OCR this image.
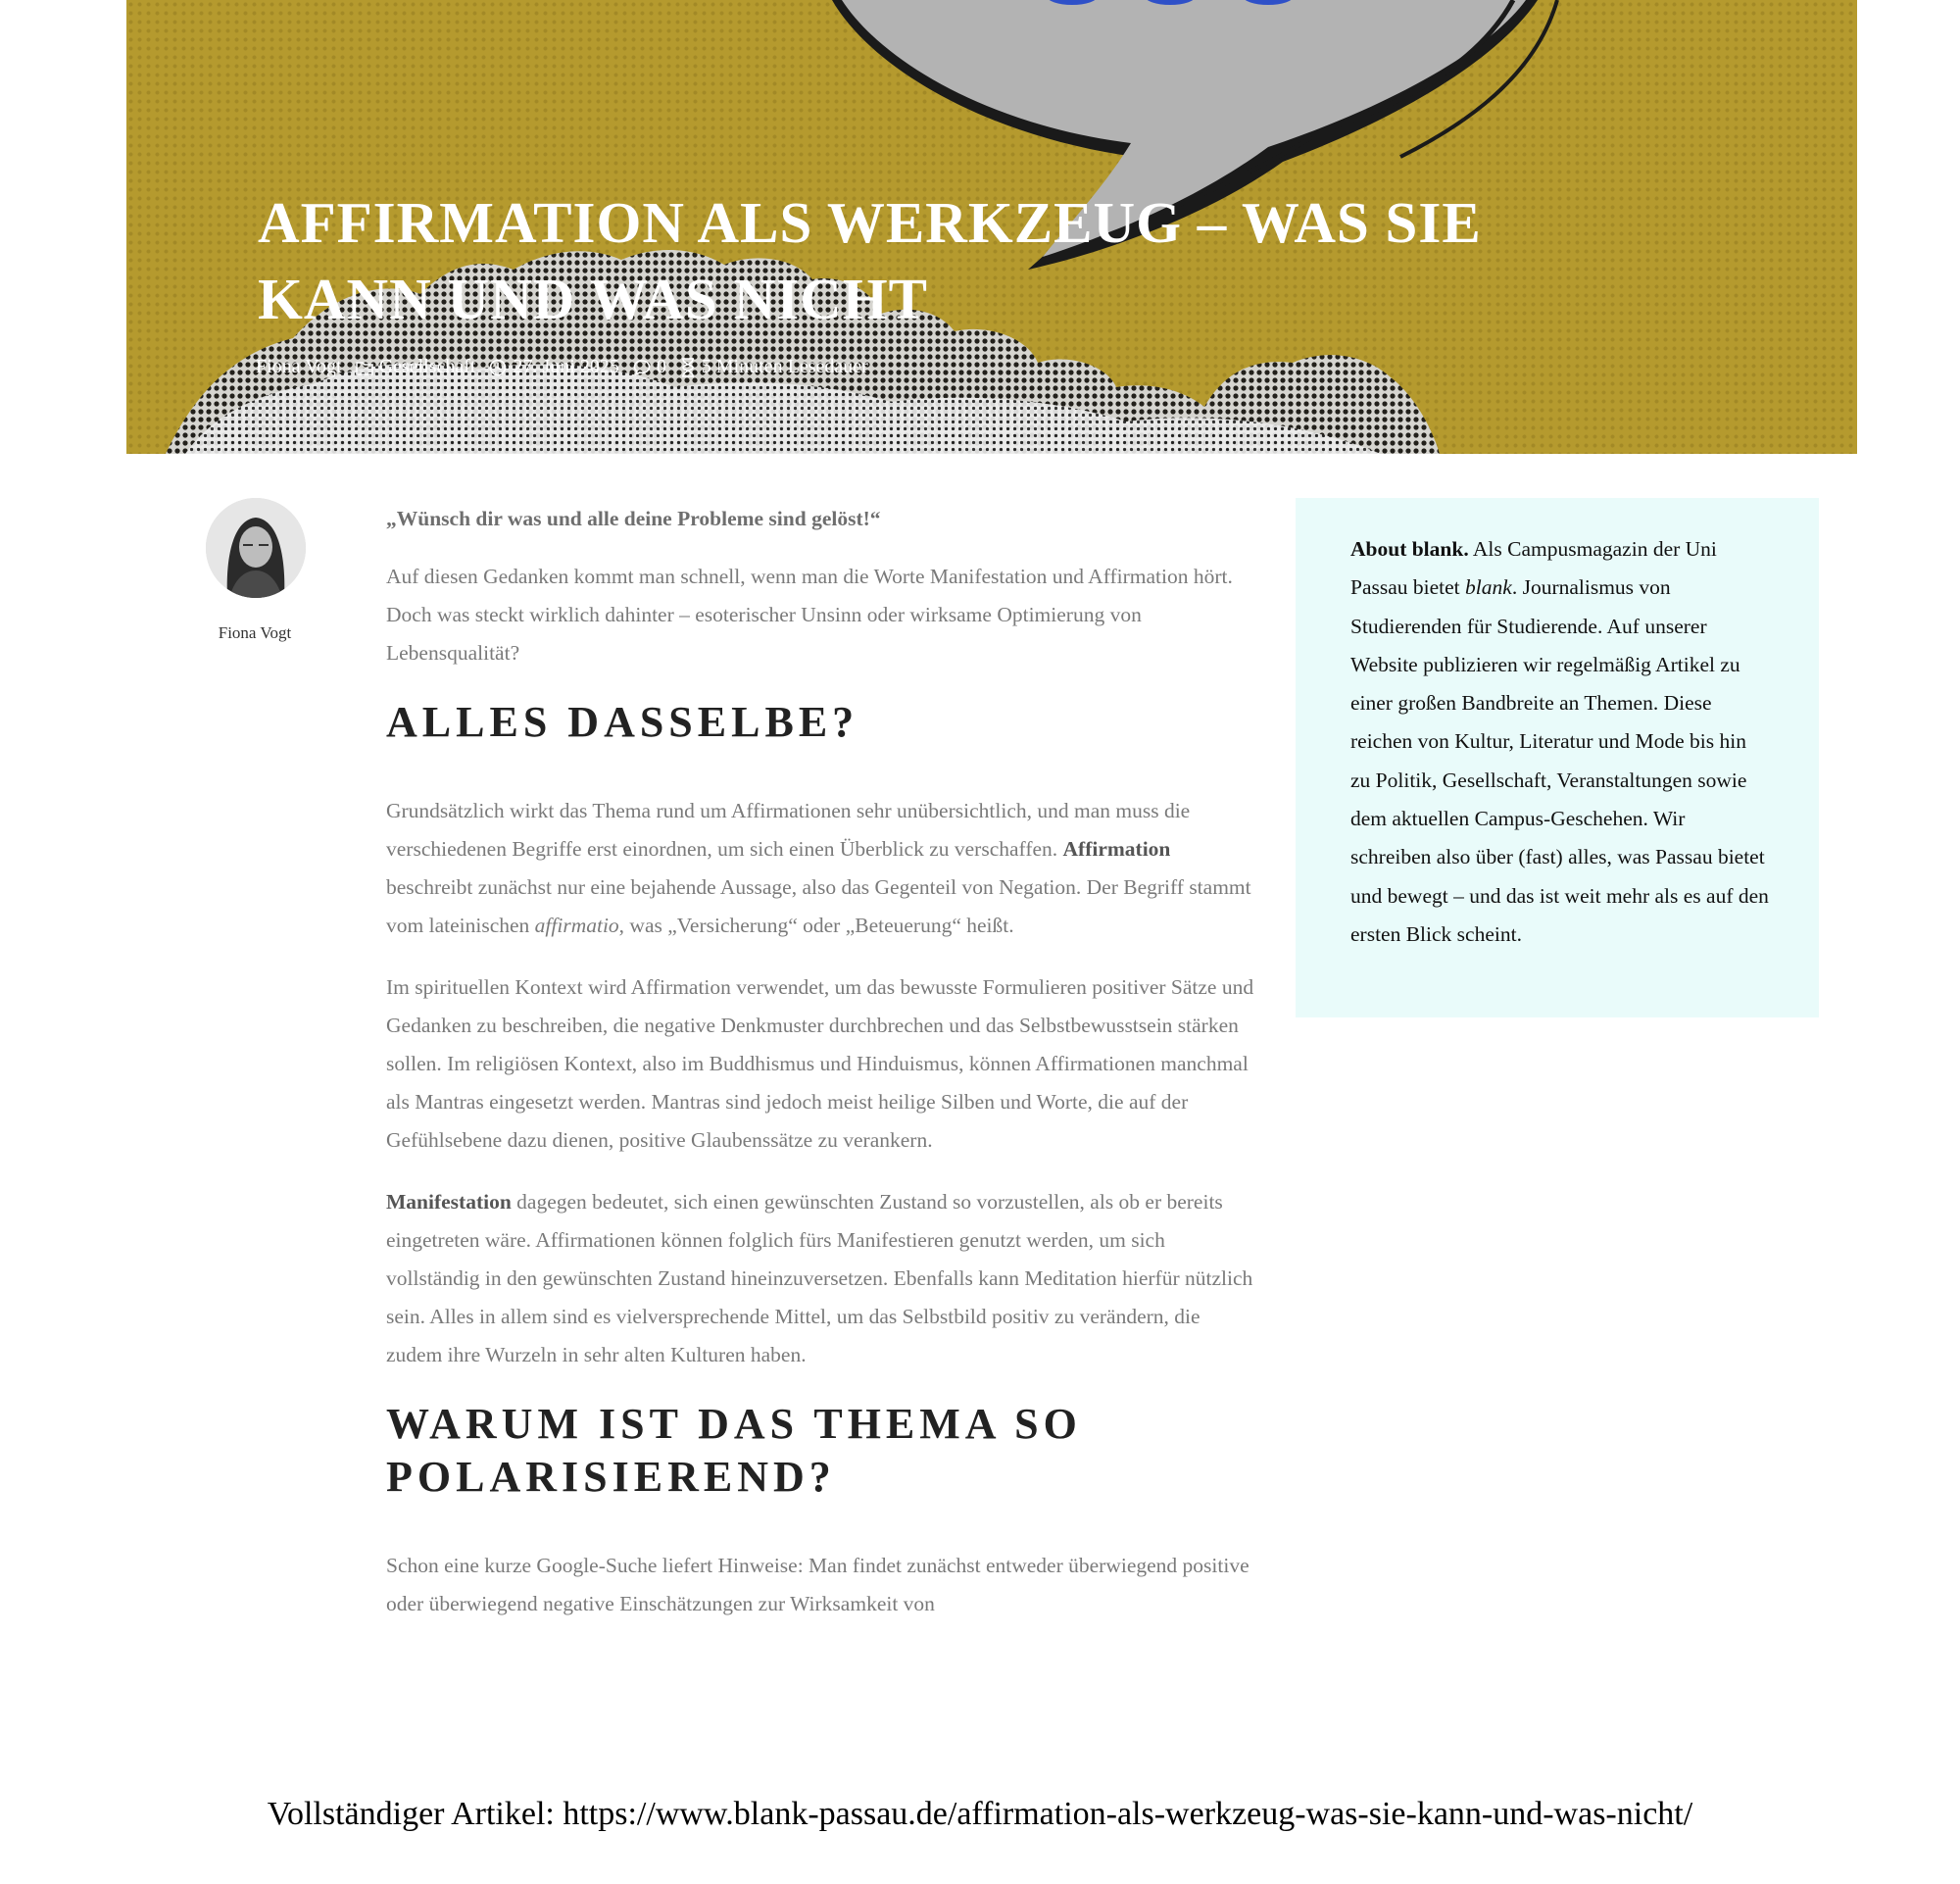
AFFIRMATION ALS WERKZEUG – WAS SIE KANN UND WAS NICHT
Fiona Vogt Gesellschaft 27. Juni 2025 0 5 Minuten Lesedauer
Fiona Vogt

„Wünsch dir was und alle deine Probleme sind gelöst!“

Auf diesen Gedanken kommt man schnell, wenn man die Worte Manifestation und Affirmation hört. Doch was steckt wirklich dahinter – esoterischer Unsinn oder wirksame Optimierung von Lebensqualität?

ALLES DASSELBE?

Grundsätzlich wirkt das Thema rund um Affirmationen sehr unübersichtlich, und man muss die verschiedenen Begriffe erst einordnen, um sich einen Überblick zu verschaffen. Affirmation beschreibt zunächst nur eine bejahende Aussage, also das Gegenteil von Negation. Der Begriff stammt vom lateinischen affirmatio, was „Versicherung“ oder „Beteuerung“ heißt.

Im spirituellen Kontext wird Affirmation verwendet, um das bewusste Formulieren positiver Sätze und Gedanken zu beschreiben, die negative Denkmuster durchbrechen und das Selbstbewusstsein stärken sollen. Im religiösen Kontext, also im Buddhismus und Hinduismus, können Affirmationen manchmal als Mantras eingesetzt werden. Mantras sind jedoch meist heilige Silben und Worte, die auf der Gefühlsebene dazu dienen, positive Glaubenssätze zu verankern.

Manifestation dagegen bedeutet, sich einen gewünschten Zustand so vorzustellen, als ob er bereits eingetreten wäre. Affirmationen können folglich fürs Manifestieren genutzt werden, um sich vollständig in den gewünschten Zustand hineinzuversetzen. Ebenfalls kann Meditation hierfür nützlich sein. Alles in allem sind es vielversprechende Mittel, um das Selbstbild positiv zu verändern, die zudem ihre Wurzeln in sehr alten Kulturen haben.

WARUM IST DAS THEMA SO POLARISIEREND?

Schon eine kurze Google-Suche liefert Hinweise: Man findet zunächst entweder überwiegend positive oder überwiegend negative Einschätzungen zur Wirksamkeit von

About blank. Als Campusmagazin der Uni Passau bietet blank. Journalismus von Studierenden für Studierende. Auf unserer Website publizieren wir regelmäßig Artikel zu einer großen Bandbreite an Themen. Diese reichen von Kultur, Literatur und Mode bis hin zu Politik, Gesellschaft, Veranstaltungen sowie dem aktuellen Campus-Geschehen. Wir schreiben also über (fast) alles, was Passau bietet und bewegt – und das ist weit mehr als es auf den ersten Blick scheint.
Vollständiger Artikel: https://www.blank-passau.de/affirmation-als-werkzeug-was-sie-kann-und-was-nicht/
